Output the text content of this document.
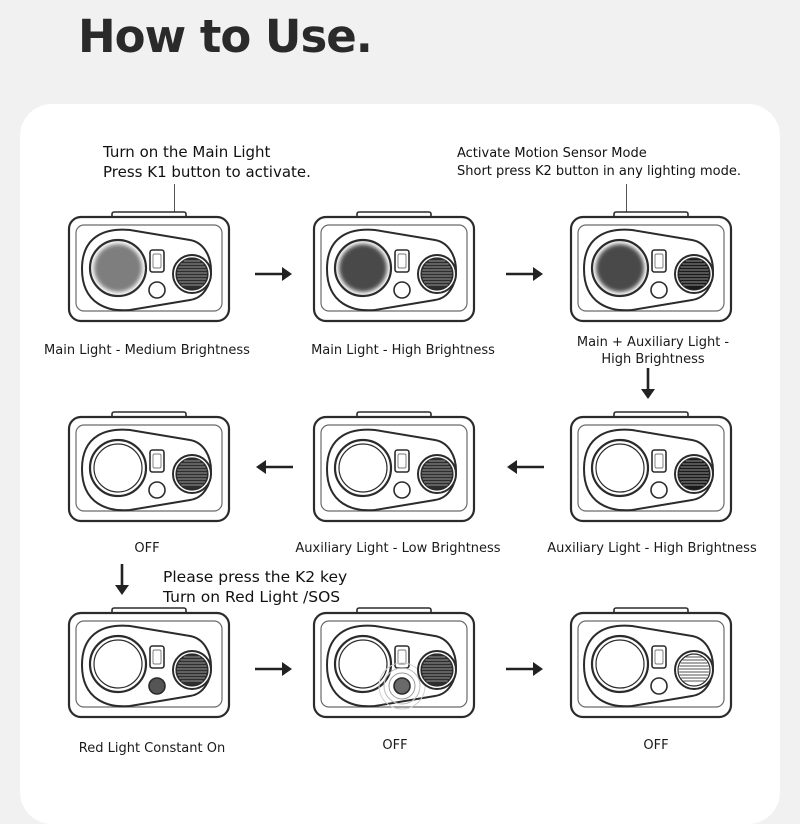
How to Use.
Turn on the Main Light
Press K1 button to activate.
Activate Motion Sensor Mode
Short press K2 button in any lighting mode.
Please press the K2 key
Turn on Red Light /SOS
Main Light - Medium Brightness	Main Light - High Brightness
Main + Auxiliary Light -
High Brightness
OFF	Auxiliary Light - Low Brightness	Auxiliary Light - High Brightness
Red Light Constant On	OFF	OFF
